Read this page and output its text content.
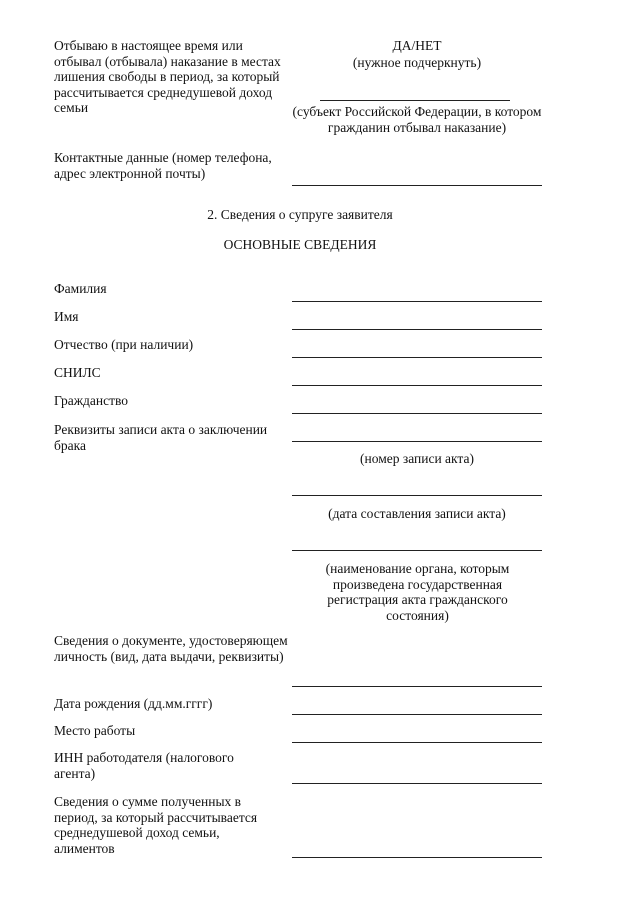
Отбываю в настоящее время или отбывал (отбывала) наказание в местах лишения свободы в период, за который рассчитывается среднедушевой доход семьи
ДА/НЕТ
(нужное подчеркнуть)
(субъект Российской Федерации, в котором гражданин отбывал наказание)
Контактные данные (номер телефона, адрес электронной почты)
2. Сведения о супруге заявителя
ОСНОВНЫЕ СВЕДЕНИЯ
Фамилия
Имя
Отчество (при наличии)
СНИЛС
Гражданство
Реквизиты записи акта о заключении брака
(номер записи акта)
(дата составления записи акта)
(наименование органа, которым произведена государственная регистрация акта гражданского состояния)
Сведения о документе, удостоверяющем личность (вид, дата выдачи, реквизиты)
Дата рождения (дд.мм.гггг)
Место работы
ИНН работодателя (налогового агента)
Сведения о сумме полученных в период, за который рассчитывается среднедушевой доход семьи, алиментов
